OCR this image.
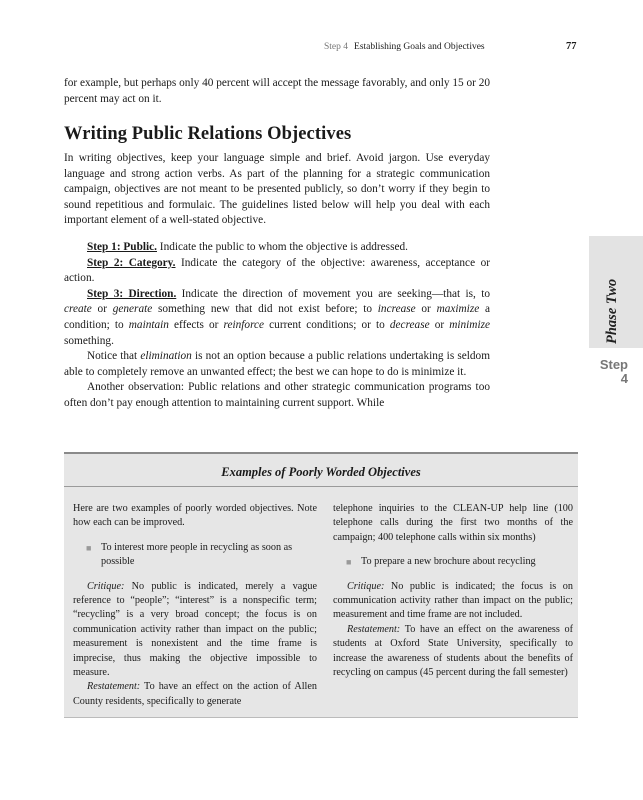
Step 4 Establishing Goals and Objectives	77

for example, but perhaps only 40 percent will accept the message favorably, and only 15 or 20 percent may act on it.

Writing Public Relations Objectives

In writing objectives, keep your language simple and brief. Avoid jargon. Use everyday language and strong action verbs. As part of the planning for a strategic communication campaign, objectives are not meant to be presented publicly, so don’t worry if they begin to sound repetitious and formulaic. The guidelines listed below will help you deal with each important element of a well-stated objective.

Step 1: Public. Indicate the public to whom the objective is addressed.

Step 2: Category. Indicate the category of the objective: awareness, acceptance or action.

Step 3: Direction. Indicate the direction of movement you are seeking—that is, to create or generate something new that did not exist before; to increase or maximize a condition; to maintain effects or reinforce current conditions; or to decrease or minimize something.

Notice that elimination is not an option because a public relations undertaking is seldom able to completely remove an unwanted effect; the best we can hope to do is minimize it.

Another observation: Public relations and other strategic communication programs too often don’t pay enough attention to maintaining current support. While

Phase Two
Step
4
Examples of Poorly Worded Objectives

Here are two examples of poorly worded objectives. Note how each can be improved.

■ To interest more people in recycling as soon as possible

Critique: No public is indicated, merely a vague reference to “people”; “interest” is a nonspecific term; “recycling” is a very broad concept; the focus is on communication activity rather than impact on the public; measurement is nonexistent and the time frame is imprecise, thus making the objective impossible to measure.

Restatement: To have an effect on the action of Allen County residents, specifically to generate

telephone inquiries to the CLEAN-UP help line (100 telephone calls during the first two months of the campaign; 400 telephone calls within six months)

■ To prepare a new brochure about recycling

Critique: No public is indicated; the focus is on communication activity rather than impact on the public; measurement and time frame are not included.

Restatement: To have an effect on the awareness of students at Oxford State University, specifically to increase the awareness of students about the benefits of recycling on campus (45 percent during the fall semester)
